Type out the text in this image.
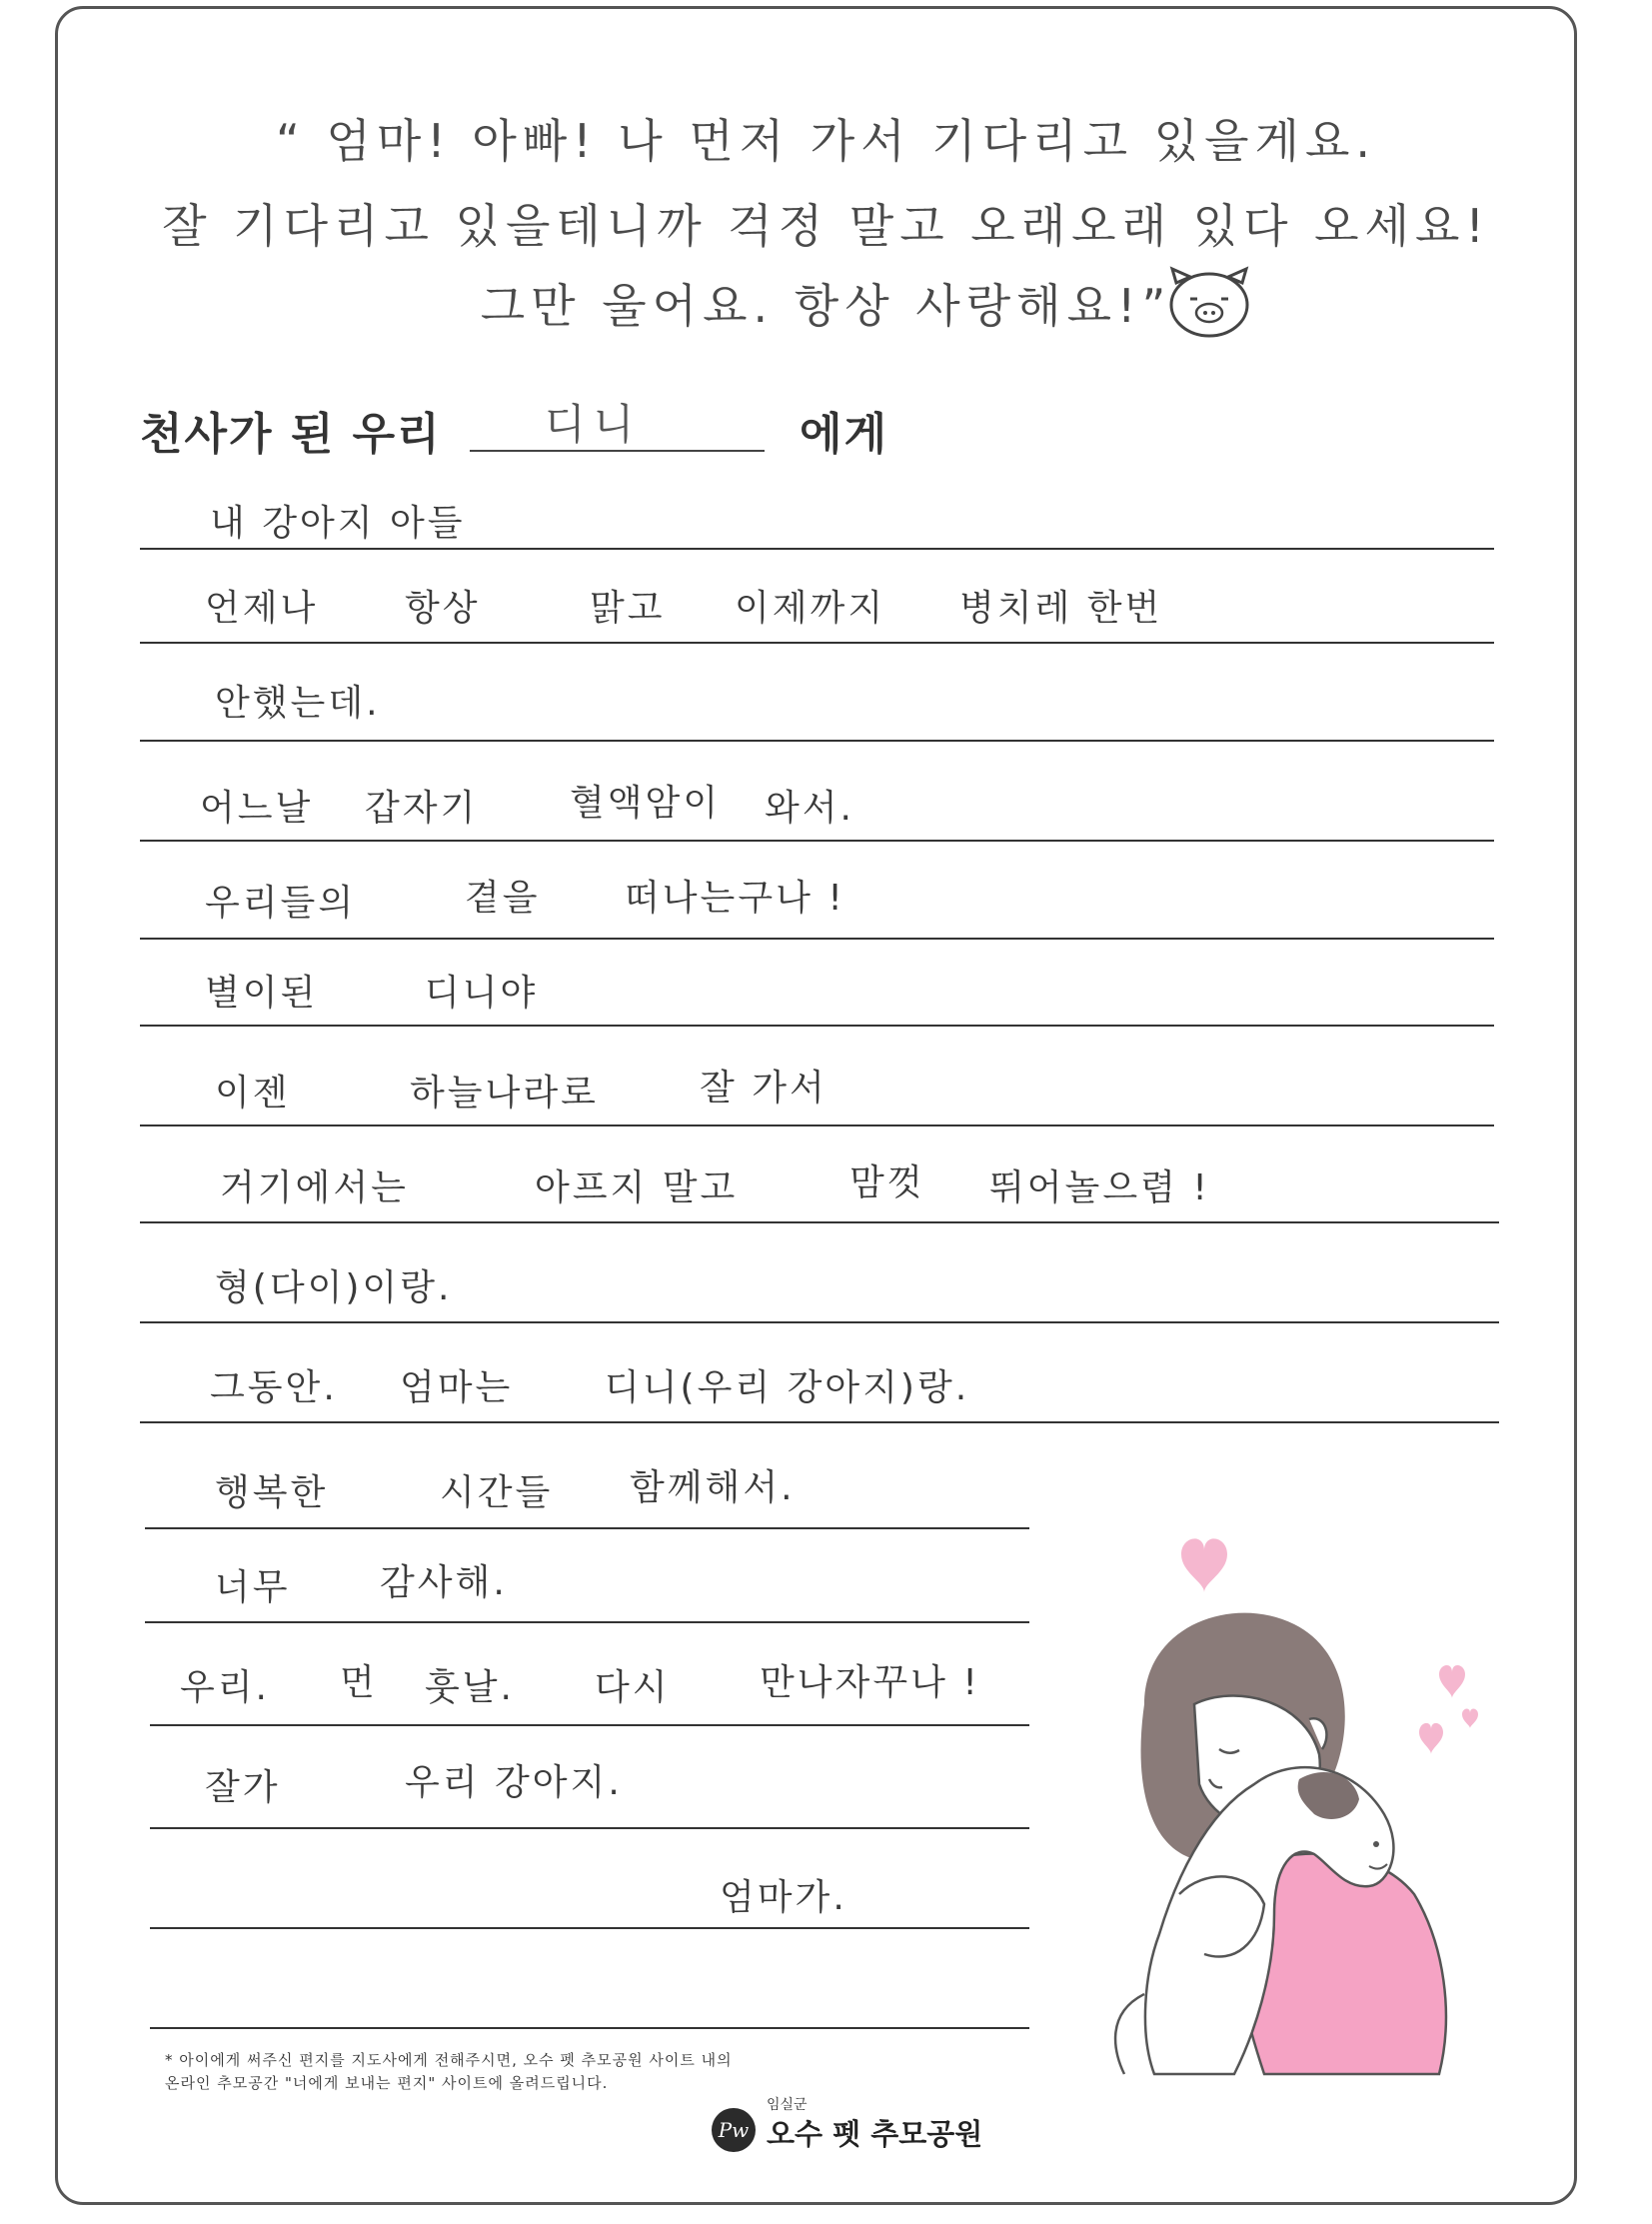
“ 엄마! 아빠! 나 먼저 가서 기다리고 있을게요.
잘 기다리고 있을테니까 걱정 말고 오래오래 있다 오세요!
그만 울어요. 항상 사랑해요!”
천사가 된 우리 디니	에게
내 강아지 아들
언제나 항상	맑고 이제까지 병치레 한번
안했는데.
어느날 갑자기	혈액암이 와서.
우리들의	곁을 떠나는구나 !
별이된	디니야
이젠	하늘나라로	잘 가서
거기에서는	아프지 말고	맘껏 뛰어놀으렴 !
형(다이)이랑.
그동안. 엄마는	디니(우리 강아지)랑.
행복한	시간들 함께해서.
너무 감사해.
우리. 먼 훗날. 다시 만나자꾸나 !
잘가	우리 강아지.
엄마가.
* 아이에게 써주신 편지를 지도사에게 전해주시면, 오수 펫 추모공원 사이트 내의
온라인 추모공간 "너에게 보내는 편지" 사이트에 올려드립니다.
Pw
임실군
오수 펫 추모공원
